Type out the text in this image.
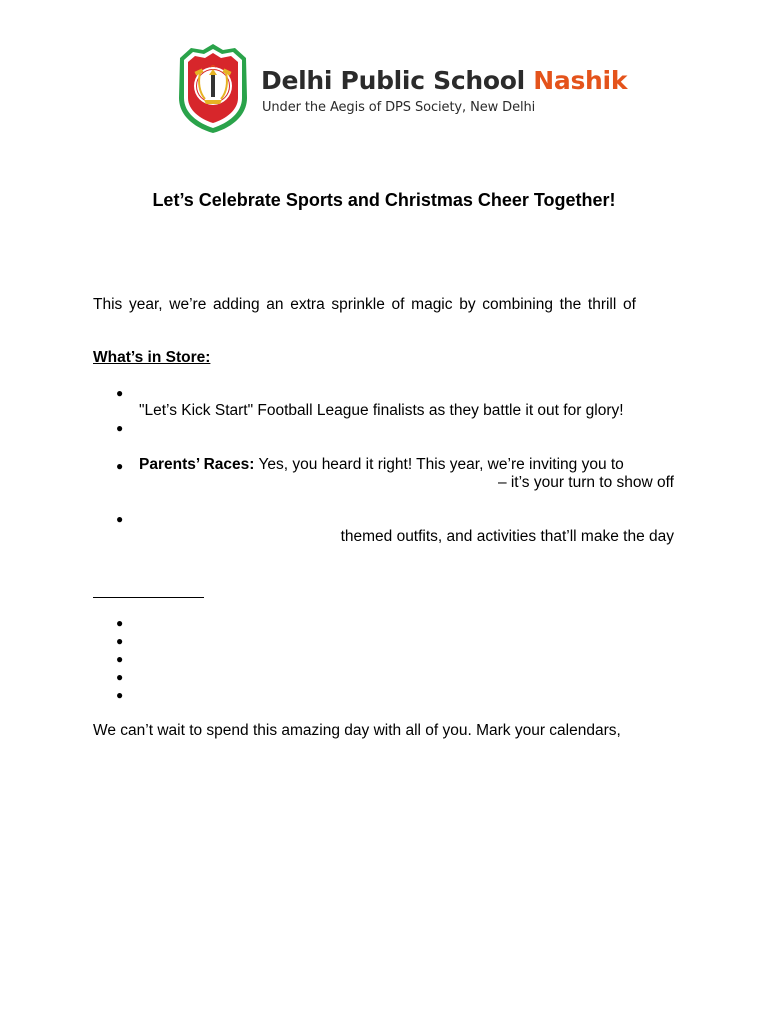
Delhi Public School Nashik
Under the Aegis of DPS Society, New Delhi
Let’s Celebrate Sports and Christmas Cheer Together!
This year, we’re adding an extra sprinkle of magic by combining the thrill of
What’s in Store:
●
"Let’s Kick Start" Football League finalists as they battle it out for glory!
●
● Parents’ Races: Yes, you heard it right! This year, we’re inviting you to
– it’s your turn to show off
●
themed outfits, and activities that’ll make the day
●
●
●
●
●
We can’t wait to spend this amazing day with all of you. Mark your calendars,
